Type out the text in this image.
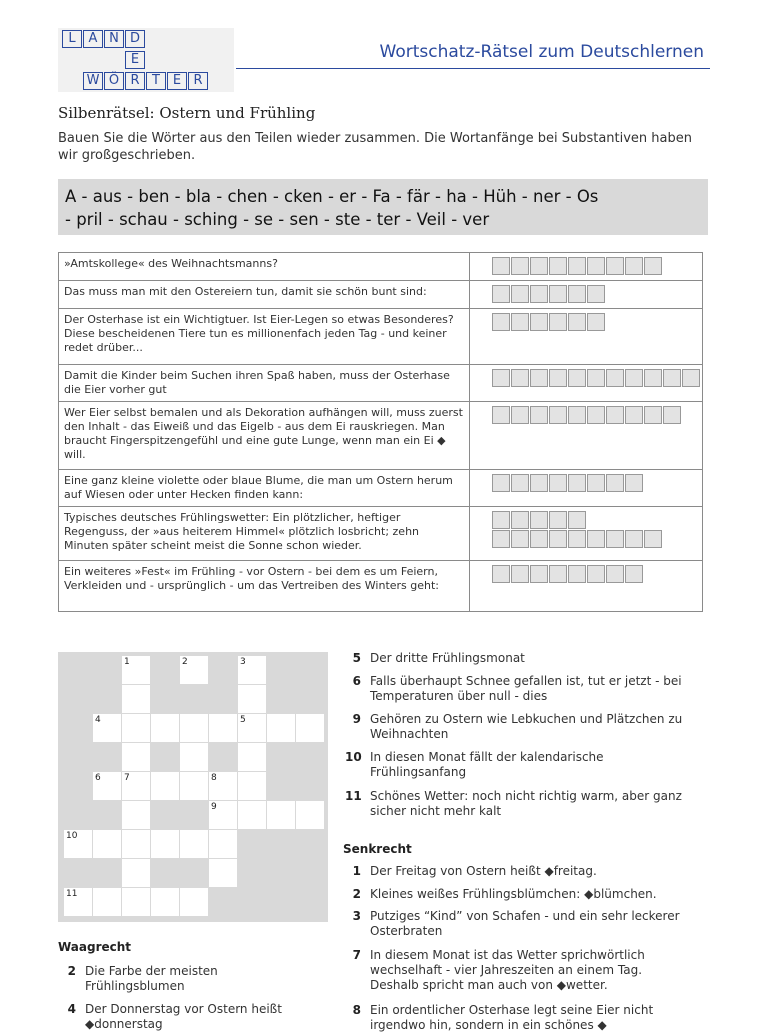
L A N D
E
W Ö R T E R
Wortschatz-Rätsel zum Deutschlernen
Silbenrätsel: Ostern und Frühling
Bauen Sie die Wörter aus den Teilen wieder zusammen. Die Wortanfänge bei Substantiven haben wir großgeschrieben.
A - aus - ben - bla - chen - cken - er - Fa - fär - ha - Hüh - ner - Os
- pril - schau - sching - se - sen - ste - ter - Veil - ver
»Amtskollege« des Weihnachtsmanns?	

Das muss man mit den Ostereiern tun, damit sie schön bunt sind:	

Der Osterhase ist ein Wichtigtuer. Ist Eier-Legen so etwas Besonderes? Diese bescheidenen Tiere tun es millionenfach jeden Tag - und keiner redet drüber...	

Damit die Kinder beim Suchen ihren Spaß haben, muss der Osterhase die Eier vorher gut	

Wer Eier selbst bemalen und als Dekoration aufhängen will, muss zuerst den Inhalt - das Eiweiß und das Eigelb - aus dem Ei rauskriegen. Man braucht Fingerspitzengefühl und eine gute Lunge, wenn man ein Ei ◆ will.	

Eine ganz kleine violette oder blaue Blume, die man um Ostern herum auf Wiesen oder unter Hecken finden kann:	

Typisches deutsches Frühlingswetter: Ein plötzlicher, heftiger Regenguss, der »aus heiterem Himmel« plötzlich losbricht; zehn Minuten später scheint meist die Sonne schon wieder.	

Ein weiteres »Fest« im Frühling - vor Ostern - bei dem es um Feiern, Verkleiden und - ursprünglich - um das Vertreiben des Winters geht:	
1	2	3
4	5
6	7	8
9
10
11
Waagrecht
2 Die Farbe der meisten
Frühlingsblumen
4 Der Donnerstag vor Ostern heißt
◆donnerstag
5 Der dritte Frühlingsmonat
6 Falls überhaupt Schnee gefallen ist, tut er jetzt - bei
Temperaturen über null - dies
9 Gehören zu Ostern wie Lebkuchen und Plätzchen zu
Weihnachten
10 In diesen Monat fällt der kalendarische
Frühlingsanfang
11 Schönes Wetter: noch nicht richtig warm, aber ganz
sicher nicht mehr kalt
Senkrecht
1 Der Freitag von Ostern heißt ◆freitag.
2 Kleines weißes Frühlingsblümchen: ◆blümchen.
3 Putziges “Kind” von Schafen - und ein sehr leckerer
Osterbraten
7 In diesem Monat ist das Wetter sprichwörtlich
wechselhaft - vier Jahreszeiten an einem Tag.
Deshalb spricht man auch von ◆wetter.
8 Ein ordentlicher Osterhase legt seine Eier nicht
irgendwo hin, sondern in ein schönes ◆
